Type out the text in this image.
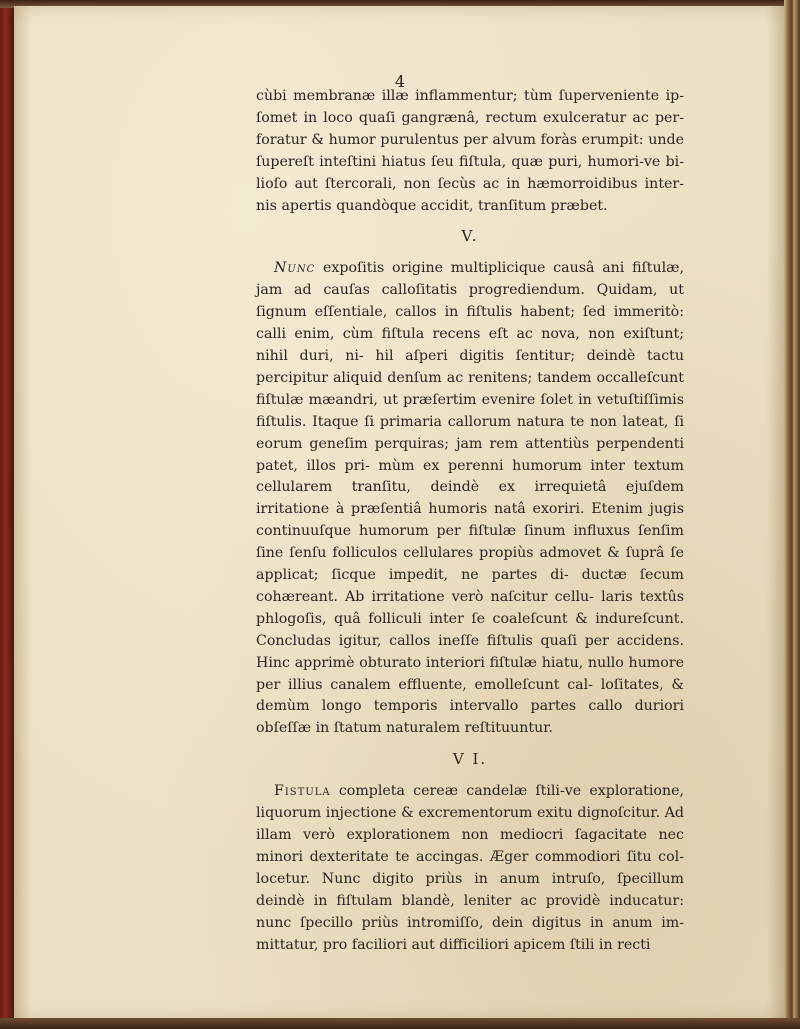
4

cùbi membranæ illæ inflammentur; tùm ſuperveniente ip- ſomet in loco quaſi gangrænâ, rectum exulceratur ac per- foratur & humor purulentus per alvum foràs erumpit: unde ſupereſt inteſtini hiatus ſeu fiſtula, quæ puri, humori-ve bi- lioſo aut ſtercorali, non ſecùs ac in hæmorroidibus inter- nis apertis quandòque accidit, tranſitum præbet.

V.

Nunc expoſitis origine multiplicique causâ ani fiſtulæ, jam ad cauſas calloſitatis progrediendum. Quidam, ut ſignum eſſentiale, callos in fiſtulis habent; ſed immeritò: calli enim, cùm fiſtula recens eſt ac nova, non exiſtunt; nihil duri, ni- hil aſperi digitis ſentitur; deindè tactu percipitur aliquid denſum ac renitens; tandem occalleſcunt fiſtulæ mæandri, ut præſertim evenire ſolet in vetuſtiſſimis fiſtulis. Itaque ſi primaria callorum natura te non lateat, ſi eorum geneſim perquiras; jam rem attentiùs perpendenti patet, illos pri- mùm ex perenni humorum inter textum cellularem tranſitu, deindè ex irrequietâ ejuſdem irritatione à præſentiâ humoris natâ exoriri. Etenim jugis continuuſque humorum per fiſtulæ ſinum influxus ſenſim ſine ſenſu folliculos cellulares propiùs admovet & ſuprâ ſe applicat; ſicque impedit, ne partes di- ductæ ſecum cohæreant. Ab irritatione verò naſcitur cellu- laris textûs phlogoſis, quâ folliculi inter ſe coaleſcunt & indureſcunt. Concludas igitur, callos ineſſe fiſtulis quaſi per accidens. Hinc apprimè obturato interiori fiſtulæ hiatu, nullo humore per illius canalem effluente, emolleſcunt cal- loſitates, & demùm longo temporis intervallo partes callo duriori obſeſſæ in ſtatum naturalem reſtituuntur.

V I.

Fistula completa cereæ candelæ ſtili-ve exploratione, liquorum injectione & excrementorum exitu dignoſcitur. Ad illam verò explorationem non mediocri ſagacitate nec minori dexteritate te accingas. Æger commodiori ſitu col- locetur. Nunc digito priùs in anum intruſo, ſpecillum deindè in fiſtulam blandè, leniter ac providè inducatur: nunc ſpecillo priùs intromiſſo, dein digitus in anum im- mittatur, pro faciliori aut difficiliori apicem ſtili in recti
